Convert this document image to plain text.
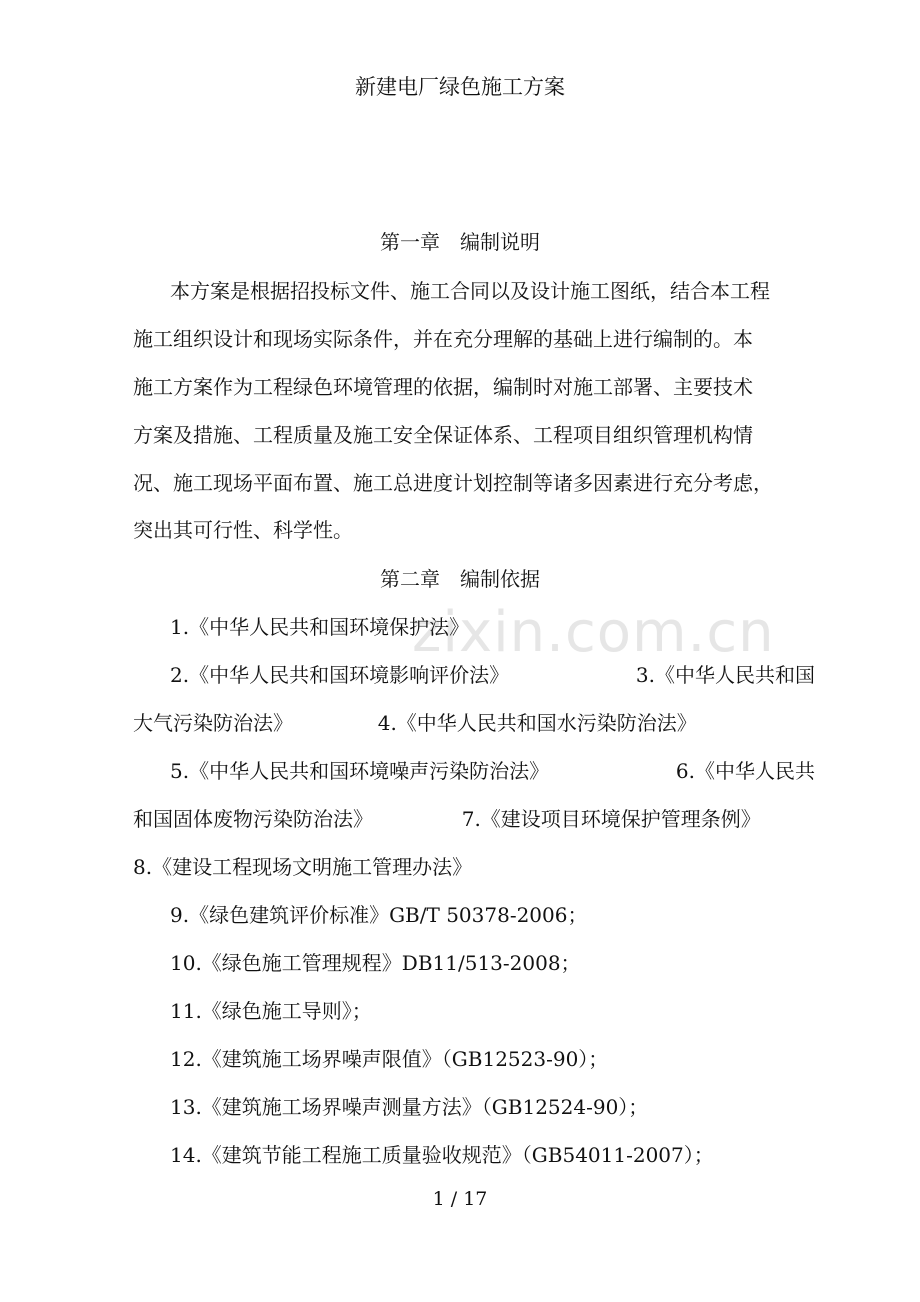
zixin.com.cn
新建电厂绿色施工方案
第一章　编制说明
本方案是根据招投标文件、施工合同以及设计施工图纸，结合本工程
施工组织设计和现场实际条件，并在充分理解的基础上进行编制的。本
施工方案作为工程绿色环境管理的依据，编制时对施工部署、主要技术
方案及措施、工程质量及施工安全保证体系、工程项目组织管理机构情
况、施工现场平面布置、施工总进度计划控制等诸多因素进行充分考虑，
突出其可行性、科学性。
第二章　编制依据
1.《中华人民共和国环境保护法》
2.《中华人民共和国环境影响评价法》	3.《中华人民共和国
大气污染防治法》	4.《中华人民共和国水污染防治法》
5.《中华人民共和国环境噪声污染防治法》	6.《中华人民共
和国固体废物污染防治法》	7.《建设项目环境保护管理条例》
8.《建设工程现场文明施工管理办法》
9.《绿色建筑评价标准》GB/T 50378-2006；
10.《绿色施工管理规程》DB11/513-2008；
11.《绿色施工导则》；
12.《建筑施工场界噪声限值》（GB12523-90）；
13.《建筑施工场界噪声测量方法》（GB12524-90）；
14.《建筑节能工程施工质量验收规范》（GB54011-2007）；
1 / 17
